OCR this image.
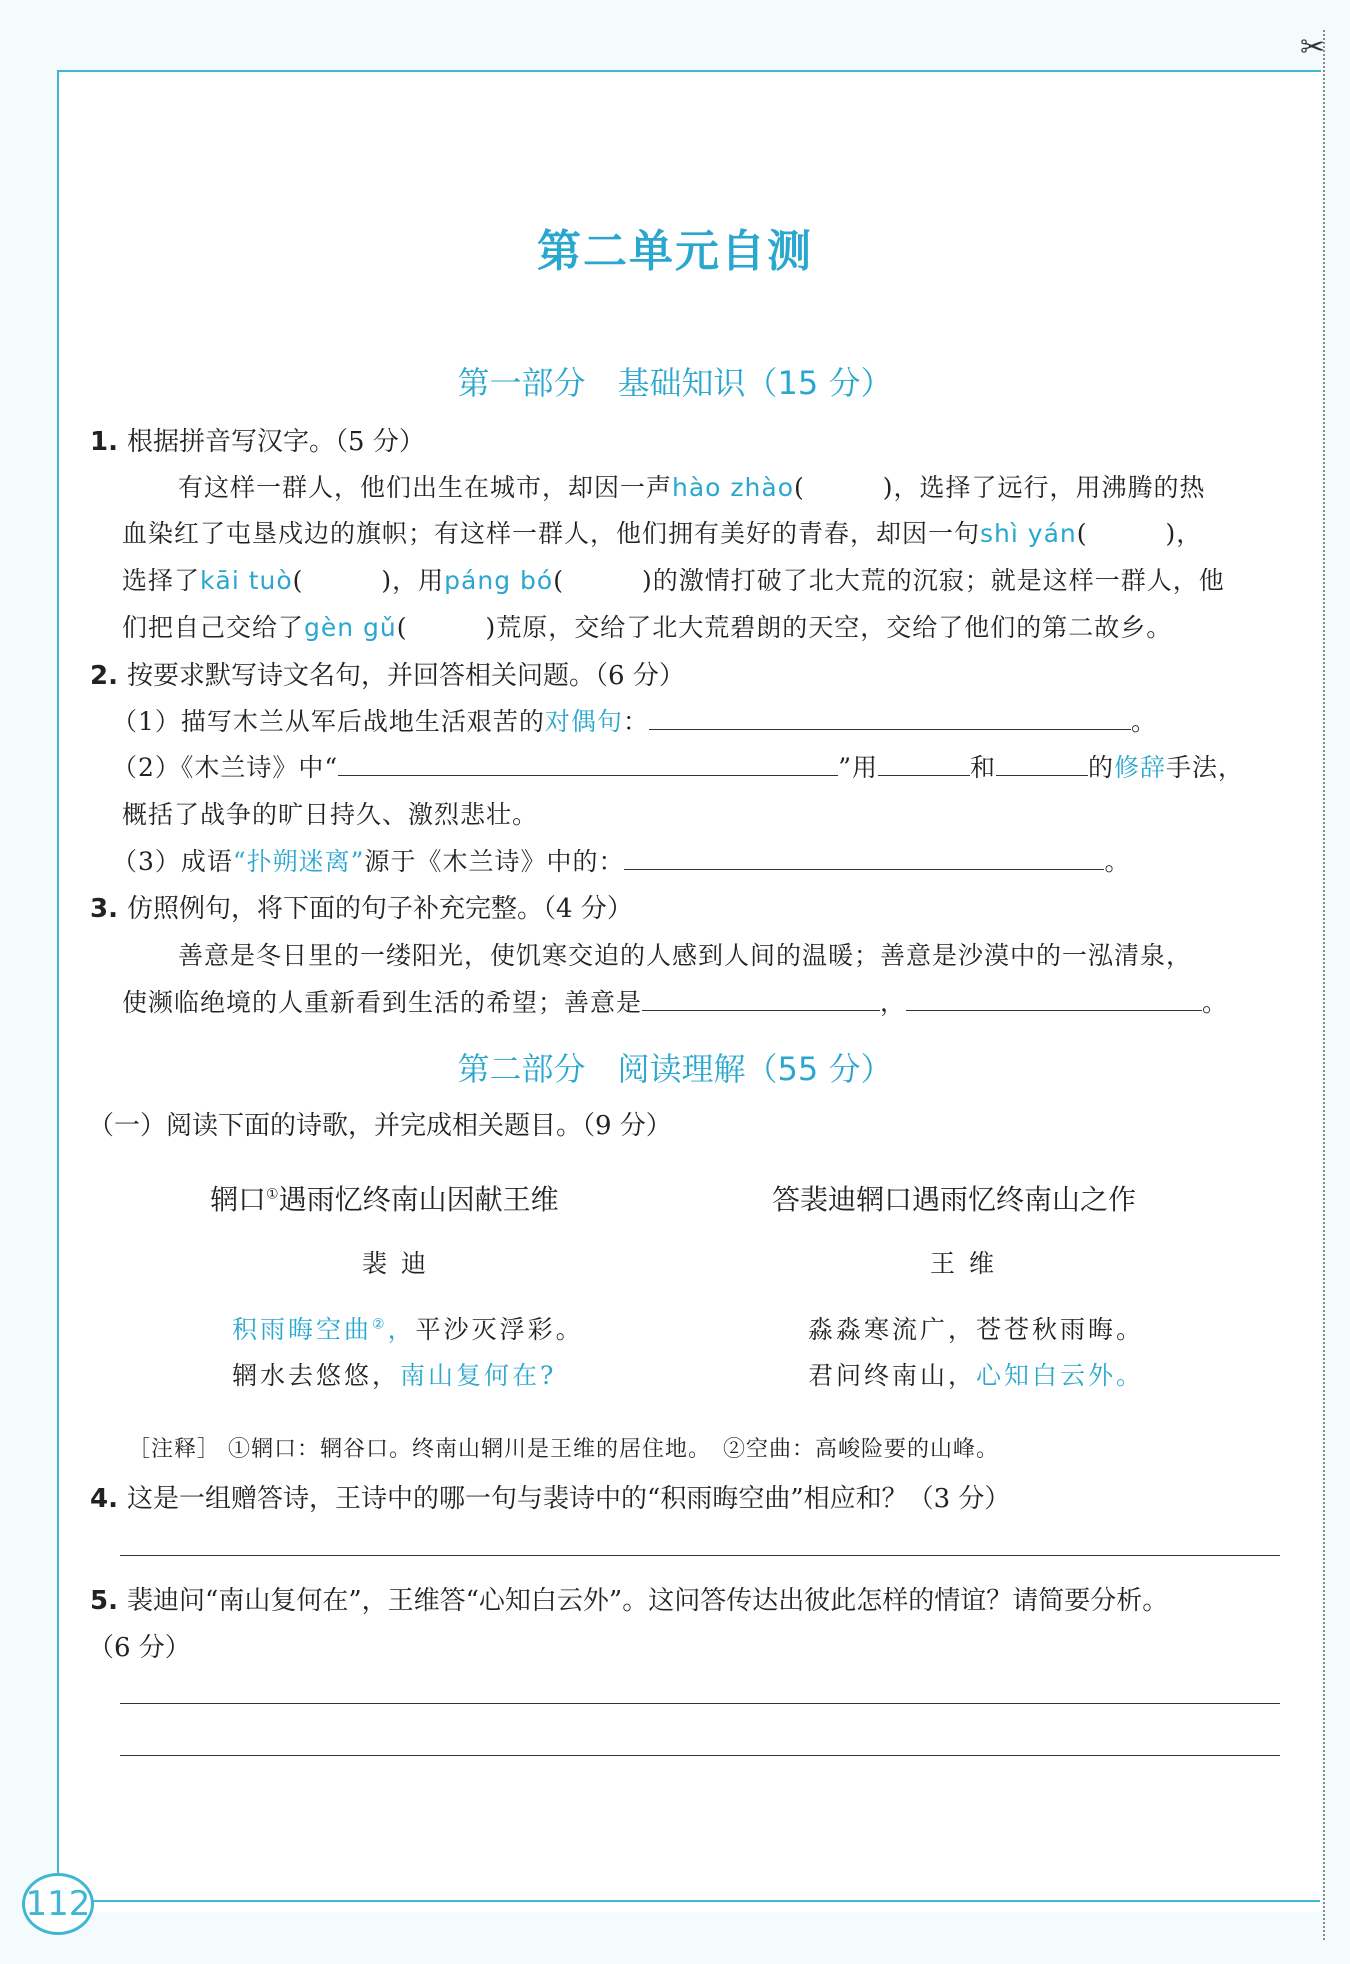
✂
112
第二单元自测
第一部分　基础知识（15 分）
1. 根据拼音写汉字。（5 分）
有这样一群人，他们出生在城市，却因一声hào zhào(　　　)，选择了远行，用沸腾的热
血染红了屯垦戍边的旗帜；有这样一群人，他们拥有美好的青春，却因一句shì yán(　　　)，
选择了kāi tuò(　　　)，用páng bó(　　　)的激情打破了北大荒的沉寂；就是这样一群人，他
们把自己交给了gèn gǔ(　　　)荒原，交给了北大荒碧朗的天空，交给了他们的第二故乡。
2. 按要求默写诗文名句，并回答相关问题。（6 分）
（1）描写木兰从军后战地生活艰苦的对偶句：	。
（2）《木兰诗》中“	”用	和	的修辞手法，
概括了战争的旷日持久、激烈悲壮。
（3）成语“扑朔迷离”源于《木兰诗》中的：	。
3. 仿照例句，将下面的句子补充完整。（4 分）
善意是冬日里的一缕阳光，使饥寒交迫的人感到人间的温暖；善意是沙漠中的一泓清泉，
使濒临绝境的人重新看到生活的希望；善意是	，	。
第二部分　阅读理解（55 分）
（一）阅读下面的诗歌，并完成相关题目。（9 分）
辋口①遇雨忆终南山因献王维
裴迪
积雨晦空曲②，平沙灭浮彩。
辋水去悠悠，南山复何在?
答裴迪辋口遇雨忆终南山之作
王维
淼淼寒流广，苍苍秋雨晦。
君问终南山，心知白云外。
［注释］ ①辋口：辋谷口。终南山辋川是王维的居住地。　②空曲：高峻险要的山峰。
4. 这是一组赠答诗，王诗中的哪一句与裴诗中的“积雨晦空曲”相应和？（3 分）
5. 裴迪问“南山复何在”，王维答“心知白云外”。这问答传达出彼此怎样的情谊？请简要分析。
（6 分）
